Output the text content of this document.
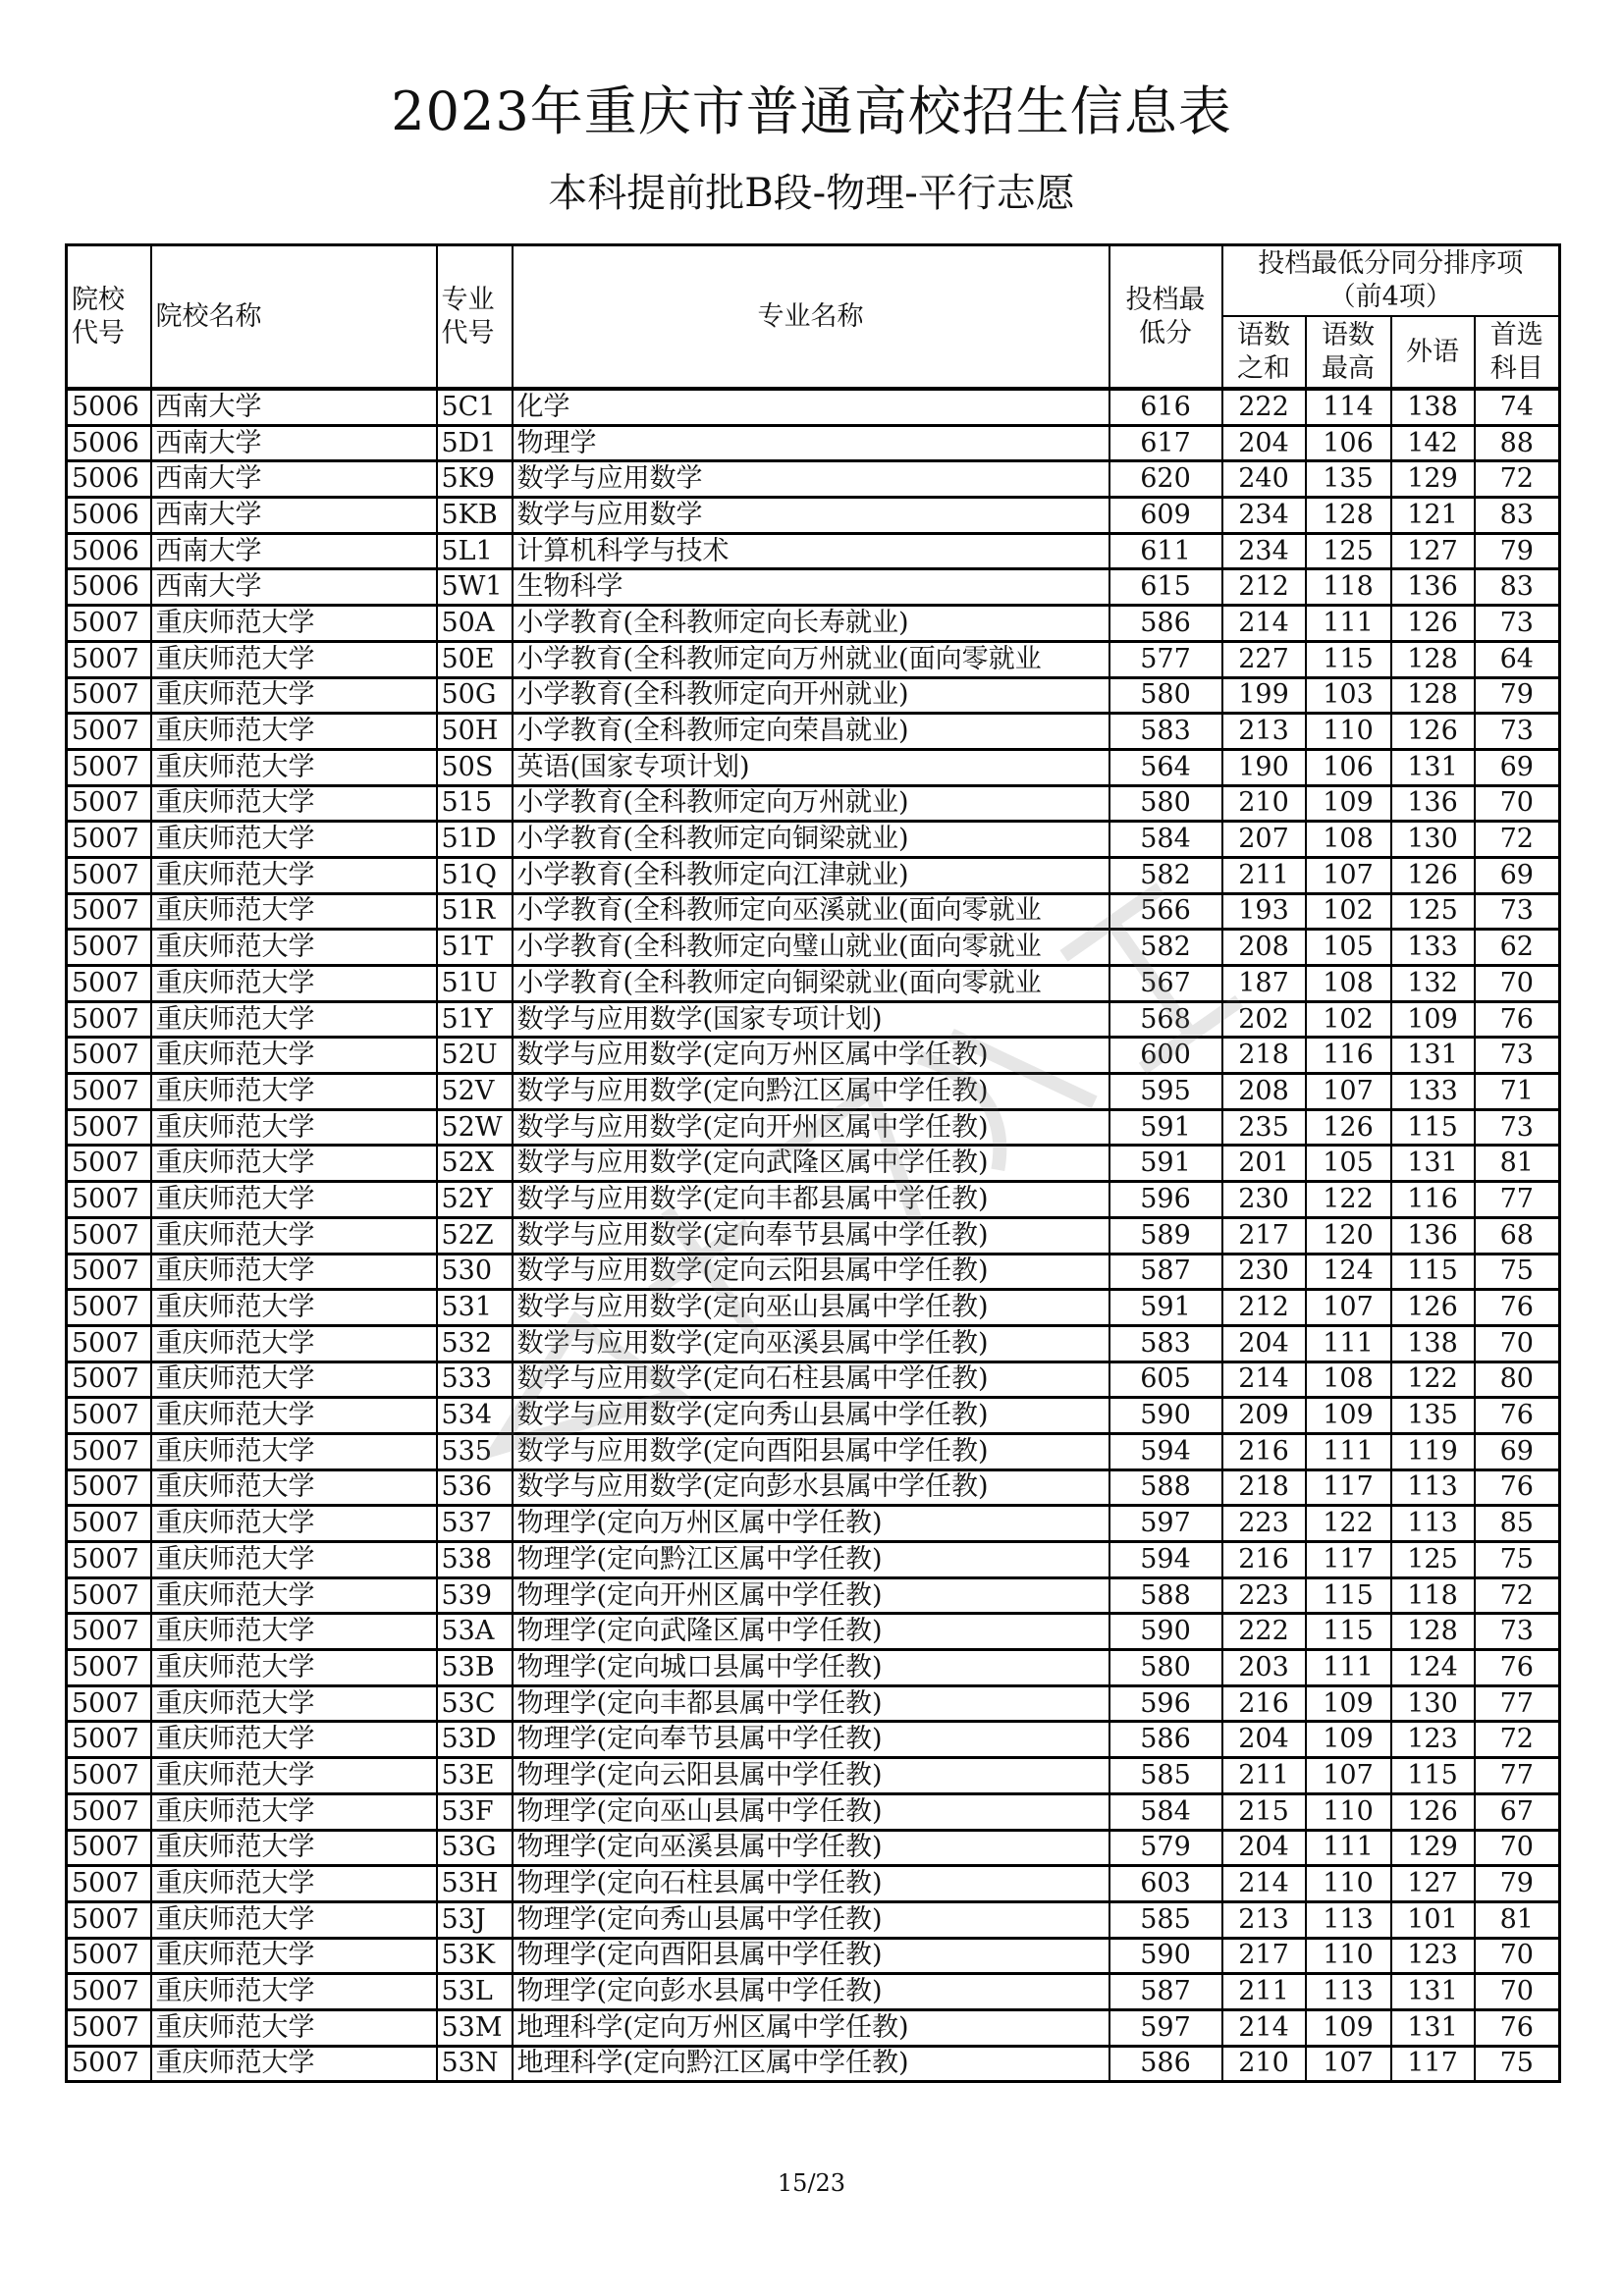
2023年重庆市普通高校招生信息表
本科提前批B段-物理-平行志愿
院校代号	院校名称	专业代号	专业名称	投档最低分	投档最低分同分排序项（前4项）			
					语数之和	语数最高	外语	首选科目
5006	西南大学	5C1	化学	616	222	114	138	74
5006	西南大学	5D1	物理学	617	204	106	142	88
5006	西南大学	5K9	数学与应用数学	620	240	135	129	72
5006	西南大学	5KB	数学与应用数学	609	234	128	121	83
5006	西南大学	5L1	计算机科学与技术	611	234	125	127	79
5006	西南大学	5W1	生物科学	615	212	118	136	83
5007	重庆师范大学	50A	小学教育(全科教师定向长寿就业)	586	214	111	126	73
5007	重庆师范大学	50E	小学教育(全科教师定向万州就业(面向零就业	577	227	115	128	64
5007	重庆师范大学	50G	小学教育(全科教师定向开州就业)	580	199	103	128	79
5007	重庆师范大学	50H	小学教育(全科教师定向荣昌就业)	583	213	110	126	73
5007	重庆师范大学	50S	英语(国家专项计划)	564	190	106	131	69
5007	重庆师范大学	515	小学教育(全科教师定向万州就业)	580	210	109	136	70
5007	重庆师范大学	51D	小学教育(全科教师定向铜梁就业)	584	207	108	130	72
5007	重庆师范大学	51Q	小学教育(全科教师定向江津就业)	582	211	107	126	69
5007	重庆师范大学	51R	小学教育(全科教师定向巫溪就业(面向零就业	566	193	102	125	73
5007	重庆师范大学	51T	小学教育(全科教师定向璧山就业(面向零就业	582	208	105	133	62
5007	重庆师范大学	51U	小学教育(全科教师定向铜梁就业(面向零就业	567	187	108	132	70
5007	重庆师范大学	51Y	数学与应用数学(国家专项计划)	568	202	102	109	76
5007	重庆师范大学	52U	数学与应用数学(定向万州区属中学任教)	600	218	116	131	73
5007	重庆师范大学	52V	数学与应用数学(定向黔江区属中学任教)	595	208	107	133	71
5007	重庆师范大学	52W	数学与应用数学(定向开州区属中学任教)	591	235	126	115	73
5007	重庆师范大学	52X	数学与应用数学(定向武隆区属中学任教)	591	201	105	131	81
5007	重庆师范大学	52Y	数学与应用数学(定向丰都县属中学任教)	596	230	122	116	77
5007	重庆师范大学	52Z	数学与应用数学(定向奉节县属中学任教)	589	217	120	136	68
5007	重庆师范大学	530	数学与应用数学(定向云阳县属中学任教)	587	230	124	115	75
5007	重庆师范大学	531	数学与应用数学(定向巫山县属中学任教)	591	212	107	126	76
5007	重庆师范大学	532	数学与应用数学(定向巫溪县属中学任教)	583	204	111	138	70
5007	重庆师范大学	533	数学与应用数学(定向石柱县属中学任教)	605	214	108	122	80
5007	重庆师范大学	534	数学与应用数学(定向秀山县属中学任教)	590	209	109	135	76
5007	重庆师范大学	535	数学与应用数学(定向酉阳县属中学任教)	594	216	111	119	69
5007	重庆师范大学	536	数学与应用数学(定向彭水县属中学任教)	588	218	117	113	76
5007	重庆师范大学	537	物理学(定向万州区属中学任教)	597	223	122	113	85
5007	重庆师范大学	538	物理学(定向黔江区属中学任教)	594	216	117	125	75
5007	重庆师范大学	539	物理学(定向开州区属中学任教)	588	223	115	118	72
5007	重庆师范大学	53A	物理学(定向武隆区属中学任教)	590	222	115	128	73
5007	重庆师范大学	53B	物理学(定向城口县属中学任教)	580	203	111	124	76
5007	重庆师范大学	53C	物理学(定向丰都县属中学任教)	596	216	109	130	77
5007	重庆师范大学	53D	物理学(定向奉节县属中学任教)	586	204	109	123	72
5007	重庆师范大学	53E	物理学(定向云阳县属中学任教)	585	211	107	115	77
5007	重庆师范大学	53F	物理学(定向巫山县属中学任教)	584	215	110	126	67
5007	重庆师范大学	53G	物理学(定向巫溪县属中学任教)	579	204	111	129	70
5007	重庆师范大学	53H	物理学(定向石柱县属中学任教)	603	214	110	127	79
5007	重庆师范大学	53J	物理学(定向秀山县属中学任教)	585	213	113	101	81
5007	重庆师范大学	53K	物理学(定向酉阳县属中学任教)	590	217	110	123	70
5007	重庆师范大学	53L	物理学(定向彭水县属中学任教)	587	211	113	131	70
5007	重庆师范大学	53M	地理科学(定向万州区属中学任教)	597	214	109	131	76
5007	重庆师范大学	53N	地理科学(定向黔江区属中学任教)	586	210	107	117	75
15/23
